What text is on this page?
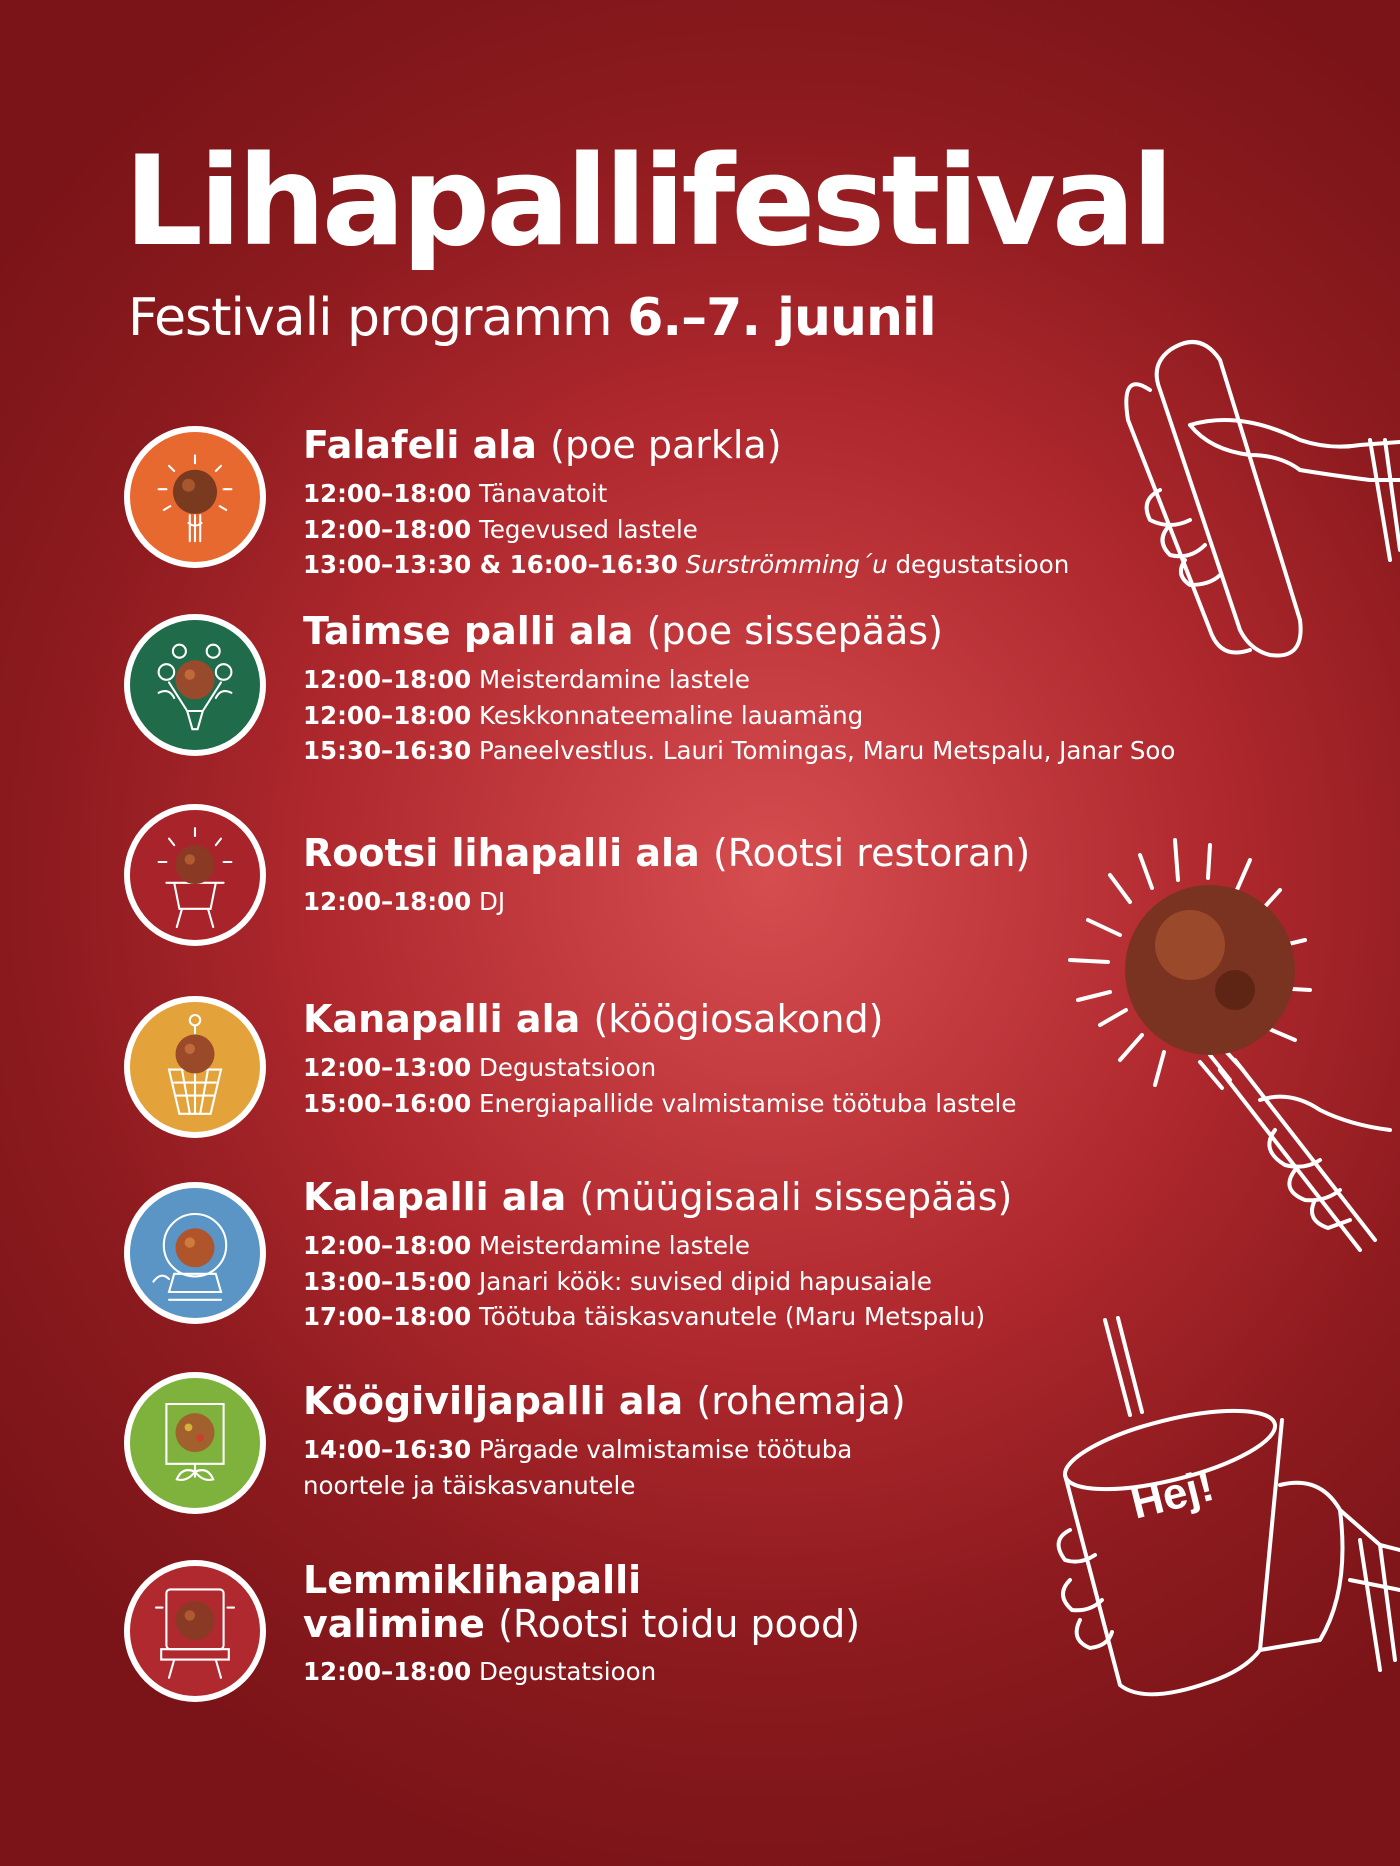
Lihapallifestival

Festivali programm 6.–7. juunil

Falafeli ala (poe parkla)

12:00–18:00 Tänavatoit

12:00–18:00 Tegevused lastele

13:00–13:30 & 16:00–16:30 Surströmming´u degustatsioon

Taimse palli ala (poe sissepääs)

12:00–18:00 Meisterdamine lastele

12:00–18:00 Keskkonnateemaline lauamäng

15:30–16:30 Paneelvestlus. Lauri Tomingas, Maru Metspalu, Janar Soo

Rootsi lihapalli ala (Rootsi restoran)

12:00–18:00 DJ

Kanapalli ala (köögiosakond)

12:00–13:00 Degustatsioon

15:00–16:00 Energiapallide valmistamise töötuba lastele

Kalapalli ala (müügisaali sissepääs)

12:00–18:00 Meisterdamine lastele

13:00–15:00 Janari köök: suvised dipid hapusaiale

17:00–18:00 Töötuba täiskasvanutele (Maru Metspalu)

Köögiviljapalli ala (rohemaja)

14:00–16:30 Pärgade valmistamise töötuba

noortele ja täiskasvanutele

Lemmiklihapalli
valimine (Rootsi toidu pood)

12:00–18:00 Degustatsioon

Hej!
